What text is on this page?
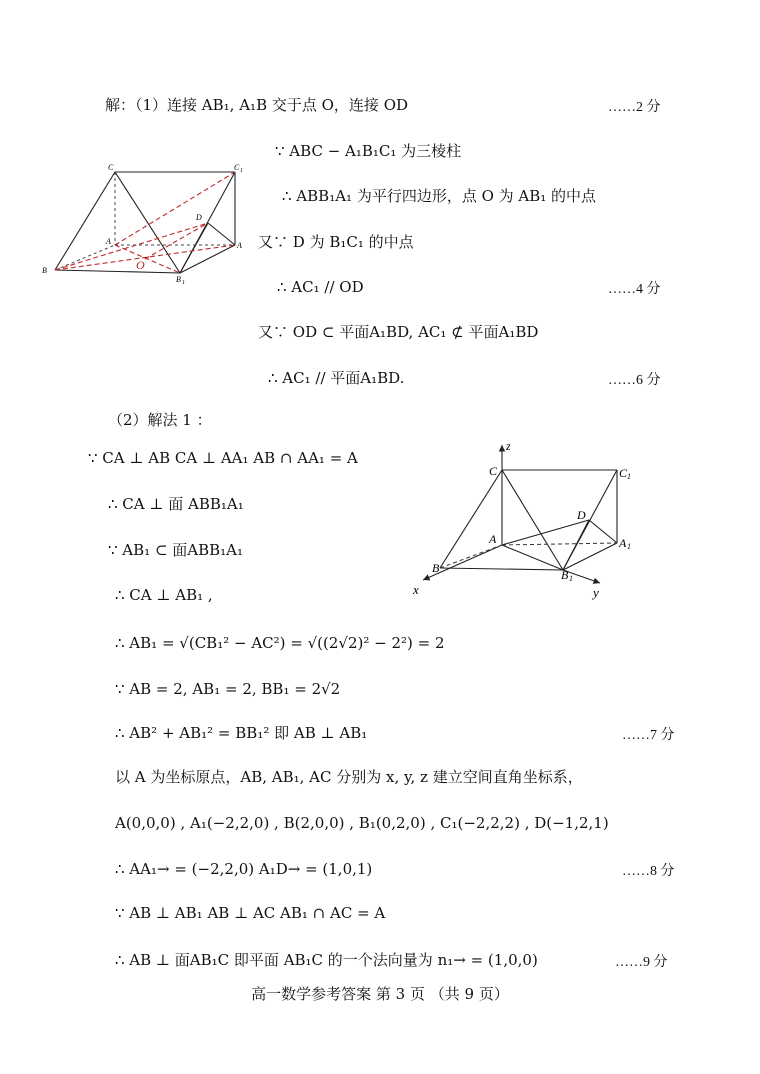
解：（1）连接 AB₁, A₁B 交于点 O，连接 OD
∵ ABC − A₁B₁C₁ 为三棱柱
∴ ABB₁A₁ 为平行四边形，点 O 为 AB₁ 的中点
又∵ D 为 B₁C₁ 的中点
∴ AC₁ // OD
又∵ OD ⊂ 平面A₁BD, AC₁ ⊄ 平面A₁BD
∴ AC₁ // 平面A₁BD.
（2）解法 1 ：
∵ CA ⊥ AB CA ⊥ AA₁ AB ∩ AA₁ = A
∴ CA ⊥ 面 ABB₁A₁
∵ AB₁ ⊂ 面ABB₁A₁
∴ CA ⊥ AB₁ ,
∴ AB₁ = √(CB₁² − AC²) = √((2√2)² − 2²) = 2
∵ AB = 2, AB₁ = 2, BB₁ = 2√2
∴ AB² + AB₁² = BB₁² 即 AB ⊥ AB₁
以 A 为坐标原点，AB, AB₁, AC 分别为 x, y, z 建立空间直角坐标系，
A(0,0,0) , A₁(−2,2,0) , B(2,0,0) , B₁(0,2,0) , C₁(−2,2,2) , D(−1,2,1)
∴ AA₁→ = (−2,2,0) A₁D→ = (1,0,1)
∵ AB ⊥ AB₁ AB ⊥ AC AB₁ ∩ AC = A
∴ AB ⊥ 面AB₁C 即平面 AB₁C 的一个法向量为 n₁→ = (1,0,0)
……2 分
……4 分
……6 分
……7 分
……8 分
……9 分
C	C 1
A	A
B
B 1
D
O
z
x	y
C	C 1
D
A	A 1
B	B 1
高一数学参考答案 第 3 页 （共 9 页）
